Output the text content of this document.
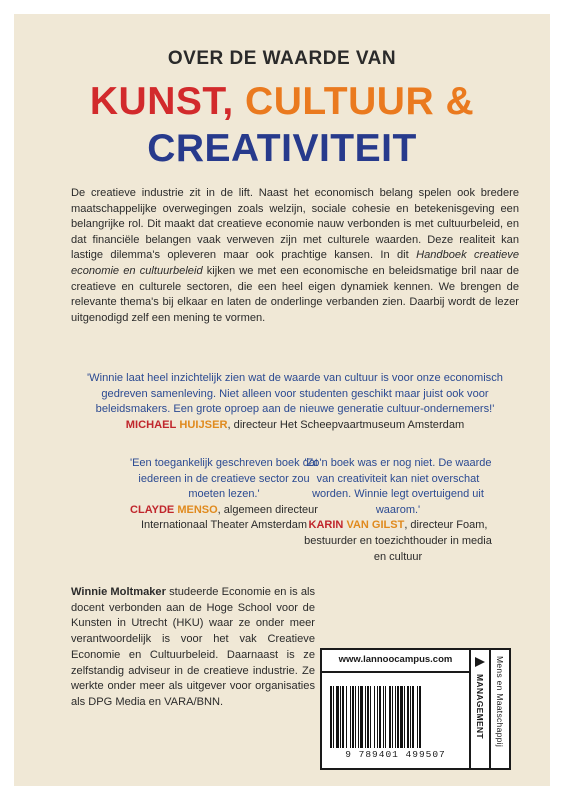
OVER DE WAARDE VAN
KUNST, CULTUUR &
CREATIVITEIT

De creatieve industrie zit in de lift. Naast het economisch belang spelen ook bredere maatschappelijke overwegingen zoals welzijn, sociale cohesie en betekenisgeving een belangrijke rol. Dit maakt dat creatieve economie nauw verbonden is met cultuurbeleid, en dat financiële belangen vaak verweven zijn met culturele waarden. Deze realiteit kan lastige dilemma's opleveren maar ook prachtige kansen. In dit Handboek creatieve economie en cultuurbeleid kijken we met een economische en beleidsmatige bril naar de creatieve en culturele sectoren, die een heel eigen dynamiek kennen. We brengen de relevante thema's bij elkaar en laten de onderlinge verbanden zien. Daarbij wordt de lezer uitgenodigd zelf een mening te vormen.

'Winnie laat heel inzichtelijk zien wat de waarde van cultuur is voor onze economisch gedreven samenleving. Niet alleen voor studenten geschikt maar juist ook voor beleidsmakers. Een grote oproep aan de nieuwe generatie cultuur-ondernemers!'
MICHAEL HUIJSER, directeur Het Scheepvaartmuseum Amsterdam
'Een toegankelijk geschreven boek dat iedereen in de creatieve sector zou moeten lezen.'
CLAYDE MENSO, algemeen directeur Internationaal Theater Amsterdam
'Zo'n boek was er nog niet. De waarde van creativiteit kan niet overschat worden. Winnie legt overtuigend uit waarom.'
KARIN VAN GILST, directeur Foam, bestuurder en toezichthouder in media en cultuur

Winnie Moltmaker studeerde Economie en is als docent verbonden aan de Hoge School voor de Kunsten in Utrecht (HKU) waar ze onder meer verantwoordelijk is voor het vak Creatieve Economie en Cultuurbeleid. Daarnaast is ze zelfstandig adviseur in de creatieve industrie. Ze werkte onder meer als uitgever voor organisaties als DPG Media en VARA/BNN.

www.lannoocampus.com
9 789401 499507
MANAGEMENT Mens en Maatschappij
